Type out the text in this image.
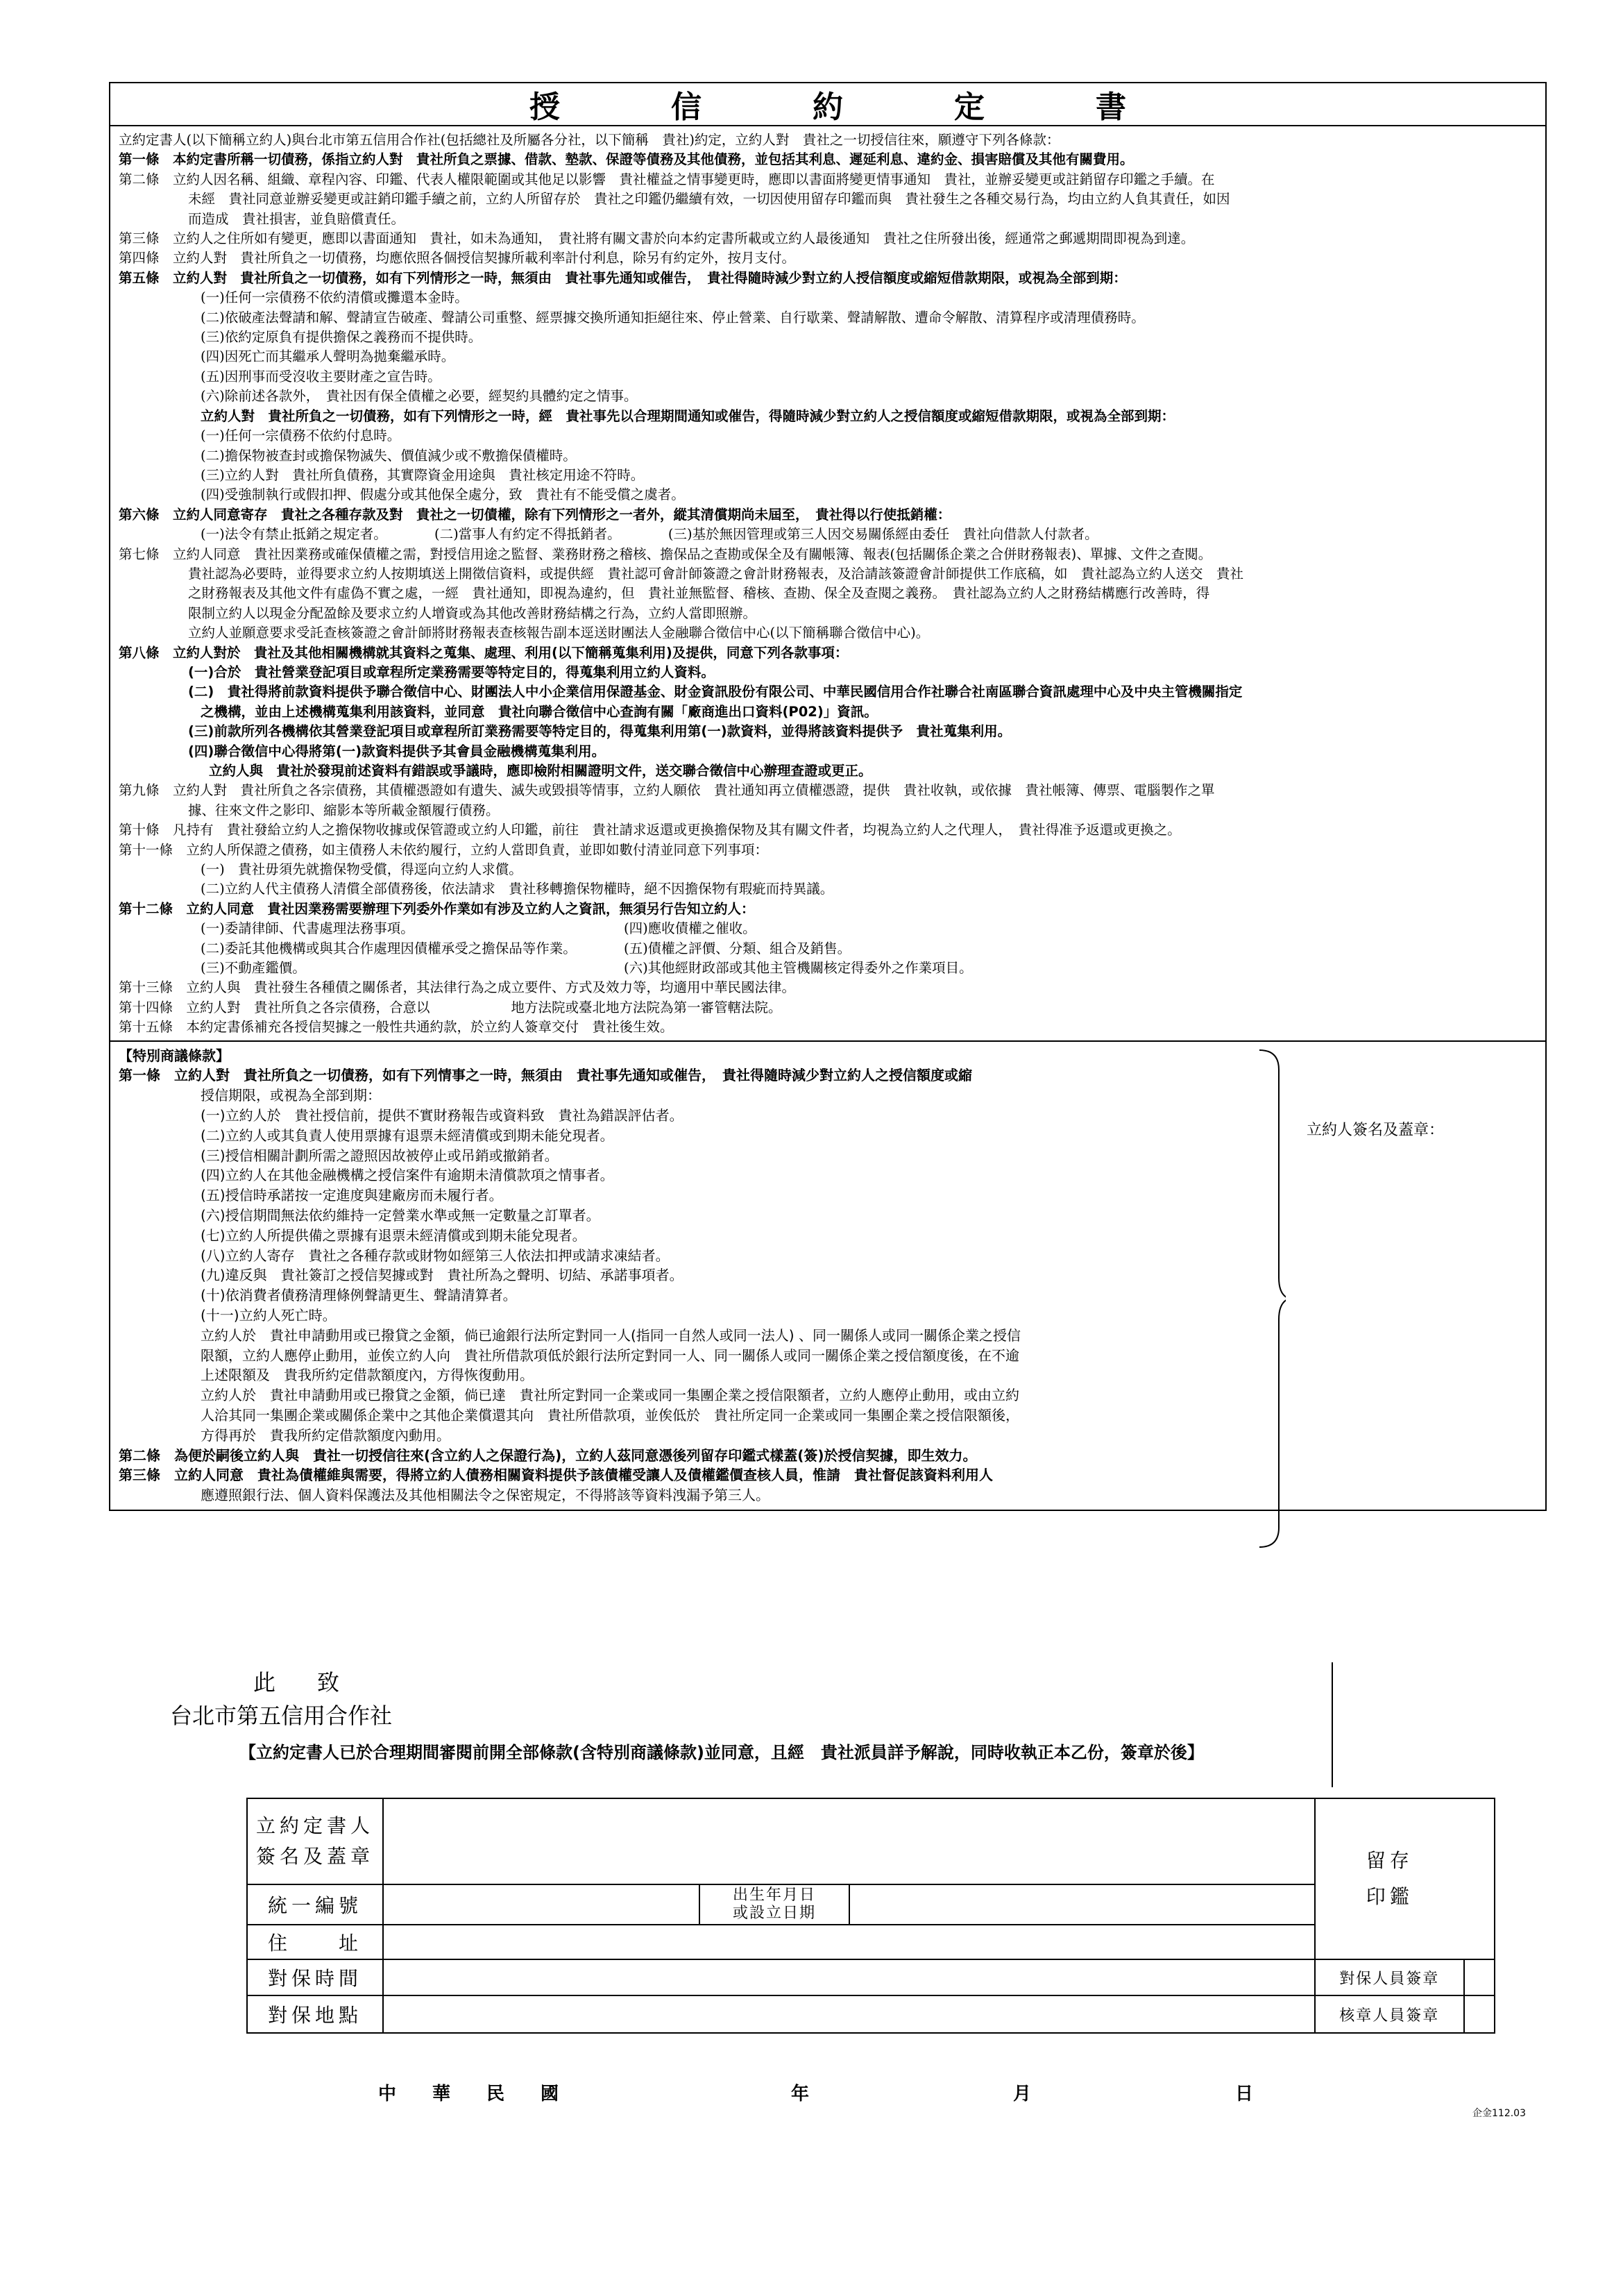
授信約定書
立約定書人(以下簡稱立約人)與台北市第五信用合作社(包括總社及所屬各分社，以下簡稱　貴社)約定，立約人對　貴社之一切授信往來，願遵守下列各條款：
第一條　本約定書所稱一切債務，係指立約人對　貴社所負之票據、借款、墊款、保證等債務及其他債務，並包括其利息、遲延利息、違約金、損害賠償及其他有關費用。
第二條　立約人因名稱、組織、章程內容、印鑑、代表人權限範圍或其他足以影響　貴社權益之情事變更時，應即以書面將變更情事通知　貴社，並辦妥變更或註銷留存印鑑之手續。在
未經　貴社同意並辦妥變更或註銷印鑑手續之前，立約人所留存於　貴社之印鑑仍繼續有效，一切因使用留存印鑑而與　貴社發生之各種交易行為，均由立約人負其責任，如因
而造成　貴社損害，並負賠償責任。
第三條　立約人之住所如有變更，應即以書面通知　貴社，如未為通知，　貴社將有關文書於向本約定書所載或立約人最後通知　貴社之住所發出後，經通常之郵遞期間即視為到達。
第四條　立約人對　貴社所負之一切債務，均應依照各個授信契據所載利率計付利息，除另有約定外，按月支付。
第五條　立約人對　貴社所負之一切債務，如有下列情形之一時，無須由　貴社事先通知或催告，　貴社得隨時減少對立約人授信額度或縮短借款期限，或視為全部到期：
(一)任何一宗債務不依約清償或攤還本金時。
(二)依破產法聲請和解、聲請宣告破產、聲請公司重整、經票據交換所通知拒絕往來、停止營業、自行歇業、聲請解散、遭命令解散、清算程序或清理債務時。
(三)依約定原負有提供擔保之義務而不提供時。
(四)因死亡而其繼承人聲明為拋棄繼承時。
(五)因刑事而受沒收主要財產之宣告時。
(六)除前述各款外，　貴社因有保全債權之必要，經契約具體約定之情事。
立約人對　貴社所負之一切債務，如有下列情形之一時，經　貴社事先以合理期間通知或催告，得隨時減少對立約人之授信額度或縮短借款期限，或視為全部到期：
(一)任何一宗債務不依約付息時。
(二)擔保物被查封或擔保物滅失、價值減少或不敷擔保債權時。
(三)立約人對　貴社所負債務，其實際資金用途與　貴社核定用途不符時。
(四)受強制執行或假扣押、假處分或其他保全處分，致　貴社有不能受償之虞者。
第六條　立約人同意寄存　貴社之各種存款及對　貴社之一切債權，除有下列情形之一者外，縱其清償期尚未屆至，　貴社得以行使抵銷權：
(一)法令有禁止抵銷之規定者。　　　　(二)當事人有約定不得抵銷者。　　　　(三)基於無因管理或第三人因交易關係經由委任　貴社向借款人付款者。
第七條　立約人同意　貴社因業務或確保債權之需，對授信用途之監督、業務財務之稽核、擔保品之查勘或保全及有關帳簿、報表(包括關係企業之合併財務報表)、單據、文件之查閱。
貴社認為必要時，並得要求立約人按期填送上開徵信資料，或提供經　貴社認可會計師簽證之會計財務報表，及洽請該簽證會計師提供工作底稿，如　貴社認為立約人送交　貴社
之財務報表及其他文件有虛偽不實之處，一經　貴社通知，即視為違約，但　貴社並無監督、稽核、查勘、保全及查閱之義務。　貴社認為立約人之財務結構應行改善時，得
限制立約人以現金分配盈餘及要求立約人增資或為其他改善財務結構之行為，立約人當即照辦。
立約人並願意要求受託查核簽證之會計師將財務報表查核報告副本逕送財團法人金融聯合徵信中心(以下簡稱聯合徵信中心)。
第八條　立約人對於　貴社及其他相關機構就其資料之蒐集、處理、利用(以下簡稱蒐集利用)及提供，同意下列各款事項：
(一)合於　貴社營業登記項目或章程所定業務需要等特定目的，得蒐集利用立約人資料。
(二)　貴社得將前款資料提供予聯合徵信中心、財團法人中小企業信用保證基金、財金資訊股份有限公司、中華民國信用合作社聯合社南區聯合資訊處理中心及中央主管機關指定
之機構，並由上述機構蒐集利用該資料，並同意　貴社向聯合徵信中心查詢有關「廠商進出口資料(P02)」資訊。
(三)前款所列各機構依其營業登記項目或章程所訂業務需要等特定目的，得蒐集利用第(一)款資料，並得將該資料提供予　貴社蒐集利用。
(四)聯合徵信中心得將第(一)款資料提供予其會員金融機構蒐集利用。
立約人與　貴社於發現前述資料有錯誤或爭議時，應即檢附相關證明文件，送交聯合徵信中心辦理查證或更正。
第九條　立約人對　貴社所負之各宗債務，其債權憑證如有遺失、滅失或毀損等情事，立約人願依　貴社通知再立債權憑證，提供　貴社收執，或依據　貴社帳簿、傳票、電腦製作之單
據、往來文件之影印、縮影本等所載金額履行債務。
第十條　凡持有　貴社發給立約人之擔保物收據或保管證或立約人印鑑，前往　貴社請求返還或更換擔保物及其有關文件者，均視為立約人之代理人，　貴社得准予返還或更換之。
第十一條　立約人所保證之債務，如主債務人未依約履行，立約人當即負責，並即如數付清並同意下列事項：
(一)　貴社毋須先就擔保物受償，得逕向立約人求償。
(二)立約人代主債務人清償全部債務後，依法請求　貴社移轉擔保物權時，絕不因擔保物有瑕疵而持異議。
第十二條　立約人同意　貴社因業務需要辦理下列委外作業如有涉及立約人之資訊，無須另行告知立約人：
(一)委請律師、代書處理法務事項。　　　　　　　　　　　　　　　　(四)應收債權之催收。
(二)委託其他機構或與其合作處理因債權承受之擔保品等作業。　　　　(五)債權之評價、分類、組合及銷售。
(三)不動產鑑價。　　　　　　　　　　　　　　　　　　　　　　　　(六)其他經財政部或其他主管機關核定得委外之作業項目。
第十三條　立約人與　貴社發生各種債之關係者，其法律行為之成立要件、方式及效力等，均適用中華民國法律。
第十四條　立約人對　貴社所負之各宗債務，合意以　　　　　　地方法院或臺北地方法院為第一審管轄法院。
第十五條　本約定書係補充各授信契據之一般性共通約款，於立約人簽章交付　貴社後生效。
【特別商議條款】
第一條　立約人對　貴社所負之一切債務，如有下列情事之一時，無須由　貴社事先通知或催告，　貴社得隨時減少對立約人之授信額度或縮
授信期限，或視為全部到期：
(一)立約人於　貴社授信前，提供不實財務報告或資料致　貴社為錯誤評估者。
(二)立約人或其負責人使用票據有退票未經清償或到期未能兌現者。
(三)授信相關計劃所需之證照因故被停止或吊銷或撤銷者。
(四)立約人在其他金融機構之授信案件有逾期未清償款項之情事者。
(五)授信時承諾按一定進度與建廠房而未履行者。
(六)授信期間無法依約維持一定營業水準或無一定數量之訂單者。
(七)立約人所提供備之票據有退票未經清償或到期未能兌現者。
(八)立約人寄存　貴社之各種存款或財物如經第三人依法扣押或請求凍結者。
(九)違反與　貴社簽訂之授信契據或對　貴社所為之聲明、切結、承諾事項者。
(十)依消費者債務清理條例聲請更生、聲請清算者。
(十一)立約人死亡時。
立約人於　貴社申請動用或已撥貸之金額，倘已逾銀行法所定對同一人(指同一自然人或同一法人) 、同一關係人或同一關係企業之授信
限額，立約人應停止動用，並俟立約人向　貴社所借款項低於銀行法所定對同一人、同一關係人或同一關係企業之授信額度後，在不逾
上述限額及　貴我所約定借款額度內，方得恢復動用。
立約人於　貴社申請動用或已撥貸之金額，倘已達　貴社所定對同一企業或同一集團企業之授信限額者，立約人應停止動用，或由立約
人洽其同一集團企業或關係企業中之其他企業償還其向　貴社所借款項，並俟低於　貴社所定同一企業或同一集團企業之授信限額後，
方得再於　貴我所約定借款額度內動用。
第二條　為便於嗣後立約人與　貴社一切授信往來(含立約人之保證行為)，立約人茲同意憑後列留存印鑑式樣蓋(簽)於授信契據，即生效力。
第三條　立約人同意　貴社為債權維與需要，得將立約人債務相關資料提供予該債權受讓人及債權鑑價查核人員，惟請　貴社督促該資料利用人
應遵照銀行法、個人資料保護法及其他相關法令之保密規定，不得將該等資料洩漏予第三人。
立約人簽名及蓋章：
此致
台北市第五信用合作社
【立約定書人已於合理期間審閱前開全部條款(含特別商議條款)並同意，且經　貴社派員詳予解說，同時收執正本乙份，簽章於後】
立約定書人
簽名及蓋章				留存
印鑑	
統一編號		出生年月日
或設立日期			
住　　址					
對保時間				對保人員簽章	
對保地點				核章人員簽章	
中　　華　　民　　國	年	月	日
企金112.03
